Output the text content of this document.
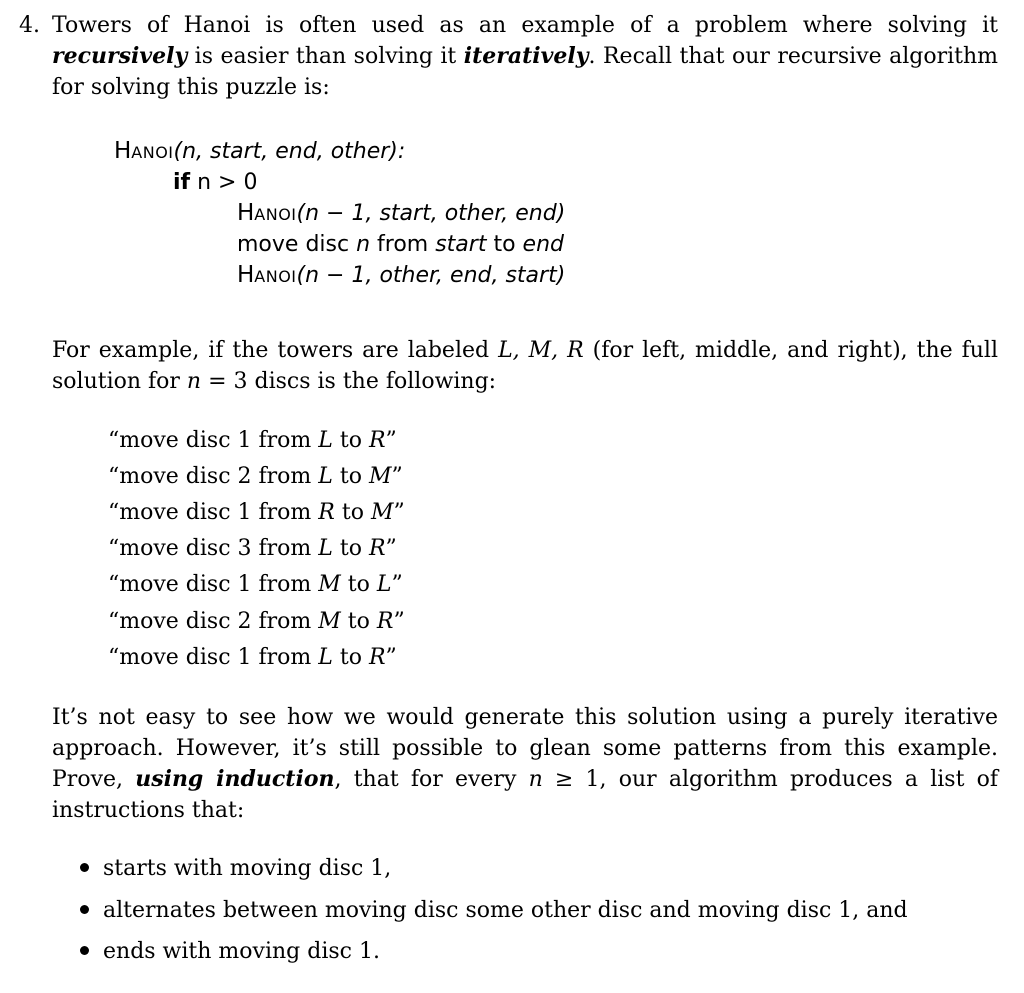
4. Towers of Hanoi is often used as an example of a problem where solving it recursively is easier than solving it iteratively. Recall that our recursive algorithm for solving this puzzle is:

HANOI(n, start, end, other):
if n > 0
HANOI(n − 1, start, other, end)
move disc n from start to end
HANOI(n − 1, other, end, start)

For example, if the towers are labeled L, M, R (for left, middle, and right), the full solution for n = 3 discs is the following:

“move disc 1 from L to R”
“move disc 2 from L to M”
“move disc 1 from R to M”
“move disc 3 from L to R”
“move disc 1 from M to L”
“move disc 2 from M to R”
“move disc 1 from L to R”

It’s not easy to see how we would generate this solution using a purely iterative approach. However, it’s still possible to glean some patterns from this example. Prove, using induction, that for every n ≥ 1, our algorithm produces a list of instructions that:

starts with moving disc 1,
alternates between moving disc some other disc and moving disc 1, and
ends with moving disc 1.
